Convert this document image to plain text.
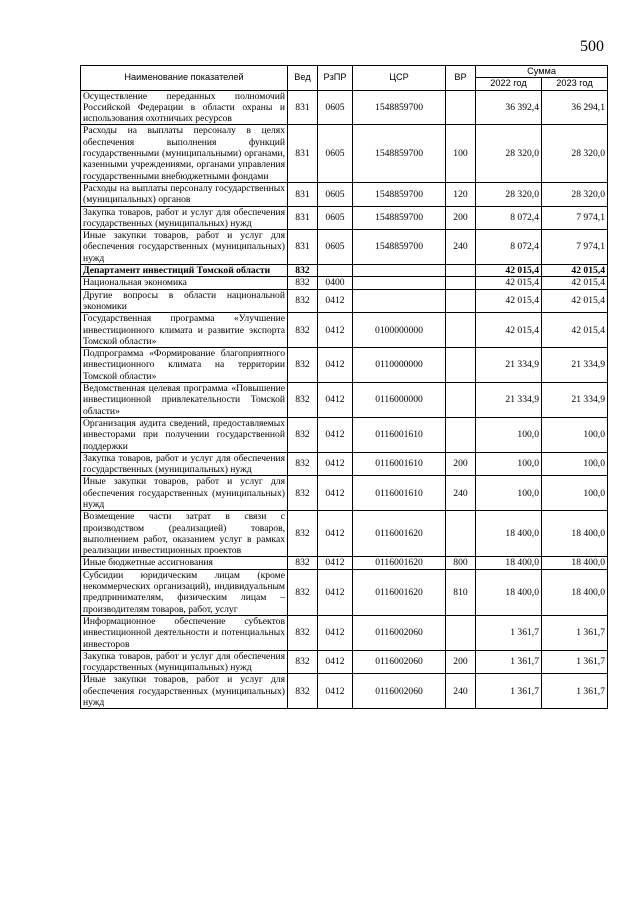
500
Наименование показателей	Вед	РзПР	ЦСР	ВР	Сумма	
					2022 год	2023 год
Осуществление переданных полномочий Российской Федерации в области охраны и использования охотничьих ресурсов	831	0605	1548859700		36 392,4	36 294,1
Расходы на выплаты персоналу в целях обеспечения выполнения функций государственными (муниципальными) органами, казенными учреждениями, органами управления государственными внебюджетными фондами	831	0605	1548859700	100	28 320,0	28 320,0
Расходы на выплаты персоналу государственных (муниципальных) органов	831	0605	1548859700	120	28 320,0	28 320,0
Закупка товаров, работ и услуг для обеспечения государственных (муниципальных) нужд	831	0605	1548859700	200	8 072,4	7 974,1
Иные закупки товаров, работ и услуг для обеспечения государственных (муниципальных) нужд	831	0605	1548859700	240	8 072,4	7 974,1
Департамент инвестиций Томской области	832				42 015,4	42 015,4
Национальная экономика	832	0400			42 015,4	42 015,4
Другие вопросы в области национальной экономики	832	0412			42 015,4	42 015,4
Государственная программа «Улучшение инвестиционного климата и развитие экспорта Томской области»	832	0412	0100000000		42 015,4	42 015,4
Подпрограмма «Формирование благоприятного инвестиционного климата на территории Томской области»	832	0412	0110000000		21 334,9	21 334,9
Ведомственная целевая программа «Повышение инвестиционной привлекательности Томской области»	832	0412	0116000000		21 334,9	21 334,9
Организация аудита сведений, предоставляемых инвесторами при получении государственной поддержки	832	0412	0116001610		100,0	100,0
Закупка товаров, работ и услуг для обеспечения государственных (муниципальных) нужд	832	0412	0116001610	200	100,0	100,0
Иные закупки товаров, работ и услуг для обеспечения государственных (муниципальных) нужд	832	0412	0116001610	240	100,0	100,0
Возмещение части затрат в связи с производством (реализацией) товаров, выполнением работ, оказанием услуг в рамках реализации инвестиционных проектов	832	0412	0116001620		18 400,0	18 400,0
Иные бюджетные ассигнования	832	0412	0116001620	800	18 400,0	18 400,0
Субсидии юридическим лицам (кроме некоммерческих организаций), индивидуальным предпринимателям, физическим лицам – производителям товаров, работ, услуг	832	0412	0116001620	810	18 400,0	18 400,0
Информационное обеспечение субъектов инвестиционной деятельности и потенциальных инвесторов	832	0412	0116002060		1 361,7	1 361,7
Закупка товаров, работ и услуг для обеспечения государственных (муниципальных) нужд	832	0412	0116002060	200	1 361,7	1 361,7
Иные закупки товаров, работ и услуг для обеспечения государственных (муниципальных) нужд	832	0412	0116002060	240	1 361,7	1 361,7
